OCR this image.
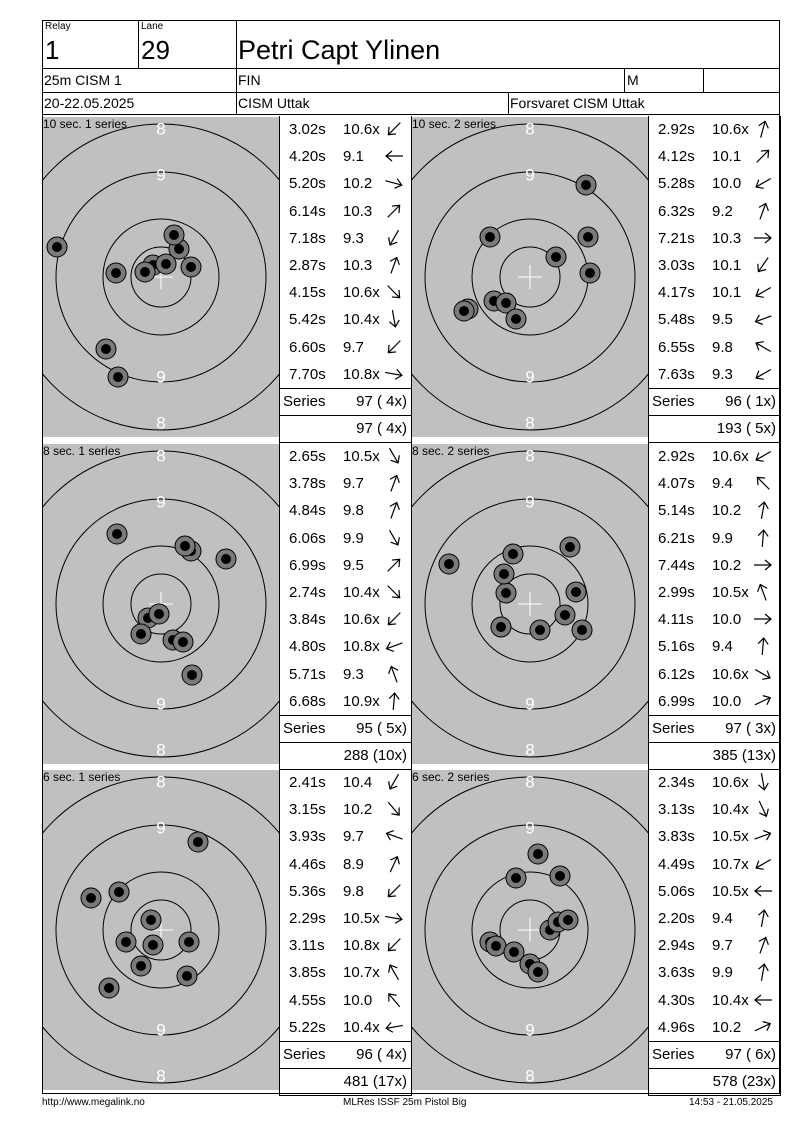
Relay
1
Lane
29	Petri Capt Ylinen
25m CISM 1	FIN	M
20-22.05.2025	CISM Uttak	Forsvaret CISM Uttak
10 sec. 1 series 8
9
9
8
3.02s 10.6x
4.20s 9.1
5.20s 10.2
6.14s 10.3
7.18s 9.3
2.87s 10.3
4.15s 10.6x
5.42s 10.4x
6.60s 9.7
7.70s 10.8x
Series 97 ( 4x)
97 ( 4x)
10 sec. 2 series 8
9
9
8
2.92s 10.6x
4.12s 10.1
5.28s 10.0
6.32s 9.2
7.21s 10.3
3.03s 10.1
4.17s 10.1
5.48s 9.5
6.55s 9.8
7.63s 9.3
Series 96 ( 1x)
193 ( 5x)
8 sec. 1 series 8
9
9
8
2.65s 10.5x
3.78s 9.7
4.84s 9.8
6.06s 9.9
6.99s 9.5
2.74s 10.4x
3.84s 10.6x
4.80s 10.8x
5.71s 9.3
6.68s 10.9x
Series 95 ( 5x)
288 (10x)
8 sec. 2 series 8
9
9
8
2.92s 10.6x
4.07s 9.4
5.14s 10.2
6.21s 9.9
7.44s 10.2
2.99s 10.5x
4.11s 10.0
5.16s 9.4
6.12s 10.6x
6.99s 10.0
Series 97 ( 3x)
385 (13x)
6 sec. 1 series 8
9
9
8
2.41s 10.4
3.15s 10.2
3.93s 9.7
4.46s 8.9
5.36s 9.8
2.29s 10.5x
3.11s 10.8x
3.85s 10.7x
4.55s 10.0
5.22s 10.4x
Series 96 ( 4x)
481 (17x)
6 sec. 2 series 8
9
9
8
2.34s 10.6x
3.13s 10.4x
3.83s 10.5x
4.49s 10.7x
5.06s 10.5x
2.20s 9.4
2.94s 9.7
3.63s 9.9
4.30s 10.4x
4.96s 10.2
Series 97 ( 6x)
578 (23x)
http://www.megalink.no	MLRes ISSF 25m Pistol Big	14:53 - 21.05.2025
